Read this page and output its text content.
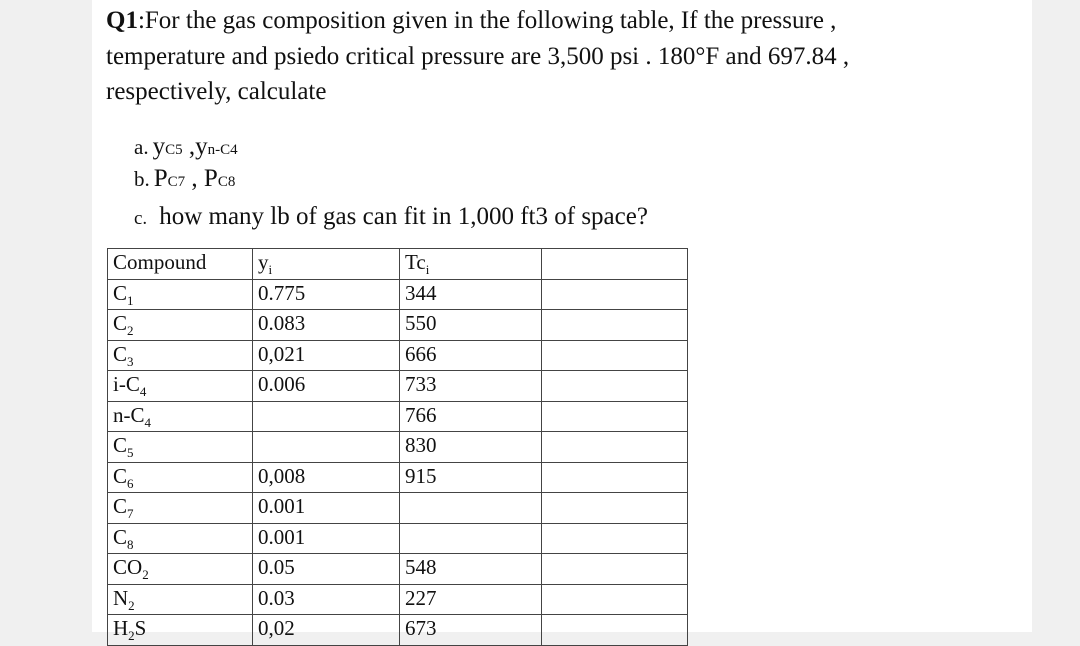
Q1:For the gas composition given in the following table, If the pressure ,
temperature and psiedo critical pressure are 3,500 psi . 180°F and 697.84 ,
respectively, calculate
a. yC5 ,yn-C4
b. PC7 , PC8
c. how many lb of gas can fit in 1,000 ft3 of space?
Compound	$y_i$	$Tc_i$	
$C_1$	0.775	344	
$C_2$	0.083	550	
$C_3$	0,021	666	
$i-C_4$	0.006	733	
$n-C_4$		766	
$C_5$		830	
$C_6$	0,008	915	
$C_7$	0.001		
$C_8$	0.001		
$CO_2$	0.05	548	
$N_2$	0.03	227	
$H_2S$	0,02	673	
